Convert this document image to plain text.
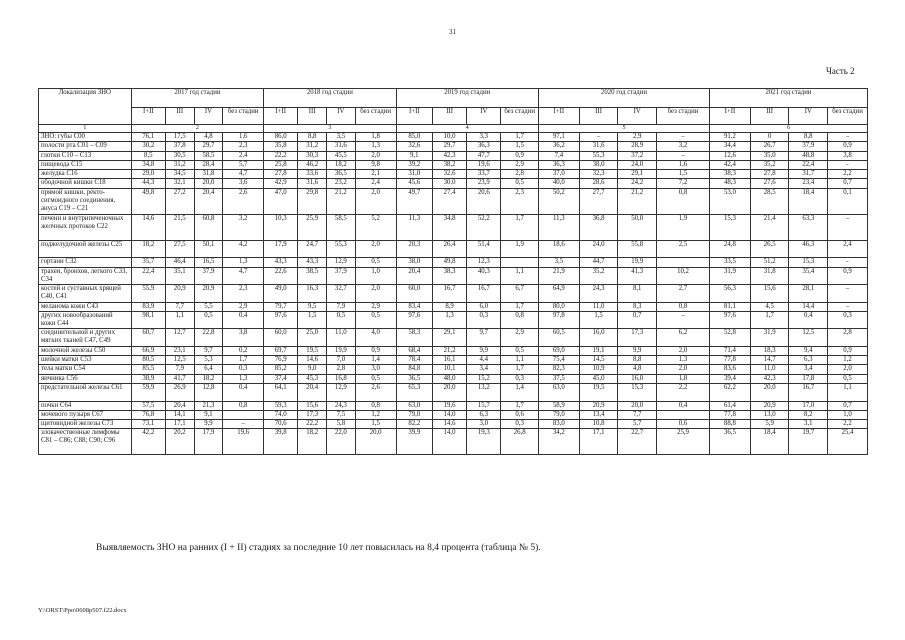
31
Часть 2
Локализация ЗНО	2017 год стадии				2018 год стадии				2019 год стадии				2020 год стадии				2021 год стадии			
	I+II	III	IV	без стадии	I+II	III	IV	без стадии	I+II	III	IV	без стадии	I+II	III	IV	без стадии	I+II	III	IV	без стадии
1	2				3				4				5				6			
ЗНО: губы С00	76,1	17,5	4,8	1,6	86,0	8,8	3,5	1,8	85,0	10,0	3,3	1,7	97,1	–	2,9	–	91,2	0	8,8	–
полости рта С01 – С09	30,2	37,8	29,7	2,3	35,8	31,2	31,6	1,3	32,6	29,7	36,3	1,5	36,2	31,6	28,9	3,2	34,4	26,7	37,9	0,9
глотки С10 – С13	8,5	30,5	58,5	2,4	22,2	30,3	45,5	2,0	9,1	42,3	47,7	0,9	7,4	55,3	37,2	–	12,6	35,0	48,8	3,8
пищевода С15	34,8	31,2	28,4	5,7	25,8	46,2	18,2	9,8	39,2	38,2	19,6	2,9	36,3	38,0	24,0	1,6	42,4	35,2	22,4	-
желудка С16	29,0	34,5	31,8	4,7	27,8	33,6	36,5	2,1	31,0	32,6	33,7	2,8	37,0	32,3	29,1	1,5	38,3	27,8	31,7	2,2
ободочной кишки С18	44,3	32,1	20,0	3,6	42,9	31,6	23,2	2,4	45,6	30,0	23,9	0,5	40,0	28,6	24,2	7,2	48,3	27,6	23,4	0,7
прямой кишки, ректо-сигмоидного соединения, ануса С19 – С21	49,8	27,2	20,4	2,6	47,0	29,8	21,2	2,0	49,7	27,4	20,6	2,3	50,2	27,7	21,2	0,8	53,0	28,5	18,4	0,1
печени и внутрипеченочных желчных протоков С22	14,6	21,5	60,8	3,2	10,3	25,9	58,5	5,2	11,3	34,8	52,2	1,7	11,3	36,8	50,0	1,9	15,3	21,4	63,3	–
поджелудочной железы С25	18,2	27,5	50,1	4,2	17,9	24,7	55,3	2,0	20,3	26,4	51,4	1,9	18,6	24,0	55,8	2,5	24,8	26,5	46,3	2,4
гортани С32	35,7	46,4	16,5	1,3	43,3	43,3	12,9	0,5	38,0	49,8	12,3		3,5	44,7	19,9		33,5	51,2	15,3	-
трахеи, бронхов, легкого С33, С34	22,4	35,1	37,9	4,7	22,6	38,5	37,9	1,0	20,4	38,3	40,3	1,1	21,9	35,2	41,3	10,2	31,9	31,8	35,4	0,9
костей и суставных хрящей С40, С41	55,9	20,9	20,9	2,3	49,0	16,3	32,7	2,0	60,0	16,7	16,7	6,7	64,9	24,3	8,1	2,7	56,3	15,6	28,1	–
меланома кожи С43	83,9	7,7	5,5	2,9	79,7	9,5	7,9	2,9	83,4	8,9	6,0	1,7	80,0	11,0	8,3	0,8	81,1	4,5	14,4	–
других новообразований кожи С44	98,1	1,1	0,5	0,4	97,6	1,5	0,5	0,5	97,6	1,3	0,3	0,8	97,8	1,5	0,7	–	97,6	1,7	0,4	0,3
соединительной и других мягких тканей С47, С49	60,7	12,7	22,8	3,8	60,0	25,0	11,0	4,0	58,3	29,1	9,7	2,9	60,5	16,0	17,3	6,2	52,8	31,9	12,5	2,8
молочной железы С50	66,9	23,1	9,7	0,2	69,7	19,5	19,9	0,9	68,4	21,2	9,9	0,5	69,0	19,1	9,9	2,0	71,4	18,3	9,4	0,9
шейки матки С53	80,5	12,5	5,3	1,7	76,9	14,6	7,0	1,4	78,4	16,1	4,4	1,1	75,4	14,5	8,8	1,3	77,8	14,7	6,3	1,2
тела матки С54	85,5	7,9	6,4	0,3	85,2	9,0	2,8	3,0	84,8	10,1	3,4	1,7	82,3	10,9	4,8	2,0	83,6	11,0	3,4	2,0
яичника С56	38,9	41,7	18,2	1,3	37,4	45,3	16,8	0,5	36,5	48,0	15,2	0,3	37,5	45,0	16,0	1,8	39,4	42,3	17,8	0,5
предстательной железы С61	59,9	26,9	12,8	0,4	64,1	20,4	12,9	2,6	65,3	20,0	13,2	1,4	63,0	19,5	15,3	2,2	62,2	20,0	16,7	1,1
почки С64	57,5	20,4	21,3	0,8	59,3	15,6	24,3	0,8	63,0	19,6	15,7	1,7	58,9	20,9	20,0	0,4	61,4	20,9	17,0	0,7
мочевого пузыря С67	76,8	14,1	9,1		74,0	17,3	7,5	1,2	79,0	14,0	6,3	0,6	79,0	13,4	7,7		77,8	13,0	8,2	1,0
щитовидной железы С73	73,1	17,1	9,9	–	70,6	22,2	5,8	1,5	82,2	14,6	3,0	0,3	83,0	10,8	5,7	0,6	88,8	5,9	3,1	2,2
злокачественные лимфомы С81 – С86; С88; С90; С96	42,2	20,2	17,9	19,6	39,8	18,2	22,0	20,0	39,9	14,0	19,3	26,8	34,2	17,1	22,7	25,9	36,5	18,4	19,7	25,4
Выявляемость ЗНО на ранних (I + II) стадиях за последние 10 лет повысилась на 8,4 процента (таблица № 5).
Y:\ORST\Ppo\0608p507.f22.docx
